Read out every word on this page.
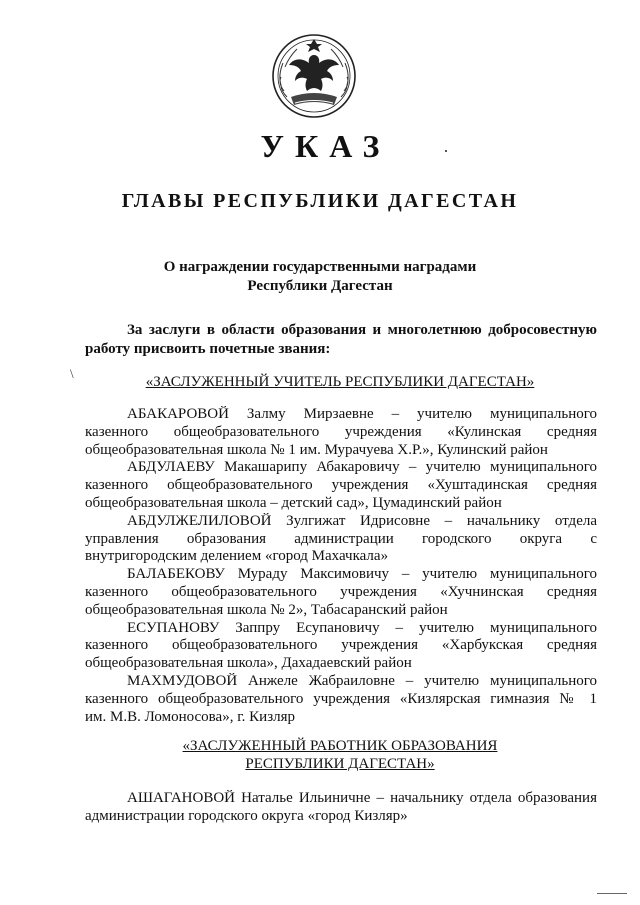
УКАЗ
ГЛАВЫ РЕСПУБЛИКИ ДАГЕСТАН
О награждении государственными наградами
Республики Дагестан
За заслуги в области образования и многолетнюю добросовестную
работу присвоить почетные звания:
\
«ЗАСЛУЖЕННЫЙ УЧИТЕЛЬ РЕСПУБЛИКИ ДАГЕСТАН»
АБАКАРОВОЙ Залму Мирзаевне – учителю муниципального
казенного общеобразовательного учреждения «Кулинская средняя
общеобразовательная школа № 1 им. Мурачуева Х.Р.», Кулинский район
АБДУЛАЕВУ Макашарипу Абакаровичу – учителю муниципального
казенного общеобразовательного учреждения «Хуштадинская средняя
общеобразовательная школа – детский сад», Цумадинский район
АБДУЛЖЕЛИЛОВОЙ Зулгижат Идрисовне – начальнику отдела
управления образования администрации городского округа с
внутригородским делением «город Махачкала»
БАЛАБЕКОВУ Мураду Максимовичу – учителю муниципального
казенного общеобразовательного учреждения «Хучнинская средняя
общеобразовательная школа № 2», Табасаранский район
ЕСУПАНОВУ Заппру Есупановичу – учителю муниципального
казенного общеобразовательного учреждения «Харбукская средняя
общеобразовательная школа», Дахадаевский район
МАХМУДОВОЙ Анжеле Жабраиловне – учителю муниципального
казенного общеобразовательного учреждения «Кизлярская гимназия № 1
им. М.В. Ломоносова», г. Кизляр
«ЗАСЛУЖЕННЫЙ РАБОТНИК ОБРАЗОВАНИЯ
РЕСПУБЛИКИ ДАГЕСТАН»
АШАГАНОВОЙ Наталье Ильиничне – начальнику отдела образования
администрации городского округа «город Кизляр»
